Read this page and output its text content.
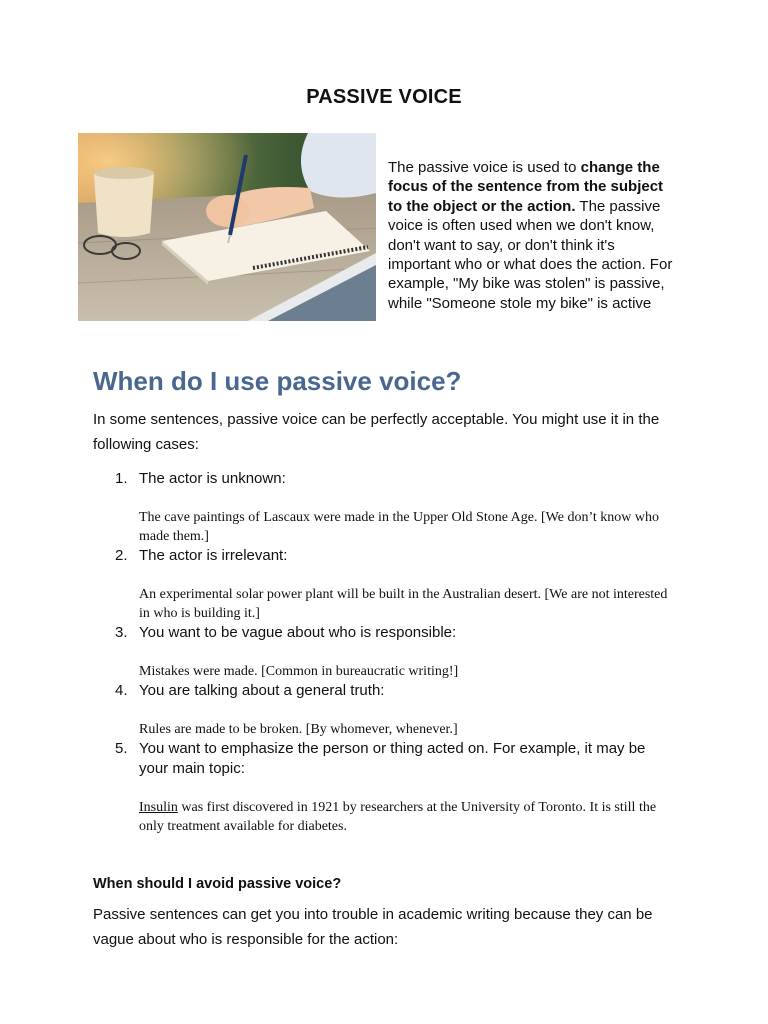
PASSIVE VOICE
The passive voice is used to change the focus of the sentence from the subject to the object or the action. The passive voice is often used when we don't know, don't want to say, or don't think it's important who or what does the action. For example, "My bike was stolen" is passive, while "Someone stole my bike" is active
When do I use passive voice?
In some sentences, passive voice can be perfectly acceptable. You might use it in the following cases:
1. The actor is unknown:
The cave paintings of Lascaux were made in the Upper Old Stone Age. [We don’t know who made them.]
2. The actor is irrelevant:
An experimental solar power plant will be built in the Australian desert. [We are not interested in who is building it.]
3. You want to be vague about who is responsible:
Mistakes were made. [Common in bureaucratic writing!]
4. You are talking about a general truth:
Rules are made to be broken. [By whomever, whenever.]
5. You want to emphasize the person or thing acted on. For example, it may be your main topic:
Insulin was first discovered in 1921 by researchers at the University of Toronto. It is still the only treatment available for diabetes.
When should I avoid passive voice?
Passive sentences can get you into trouble in academic writing because they can be vague about who is responsible for the action:
